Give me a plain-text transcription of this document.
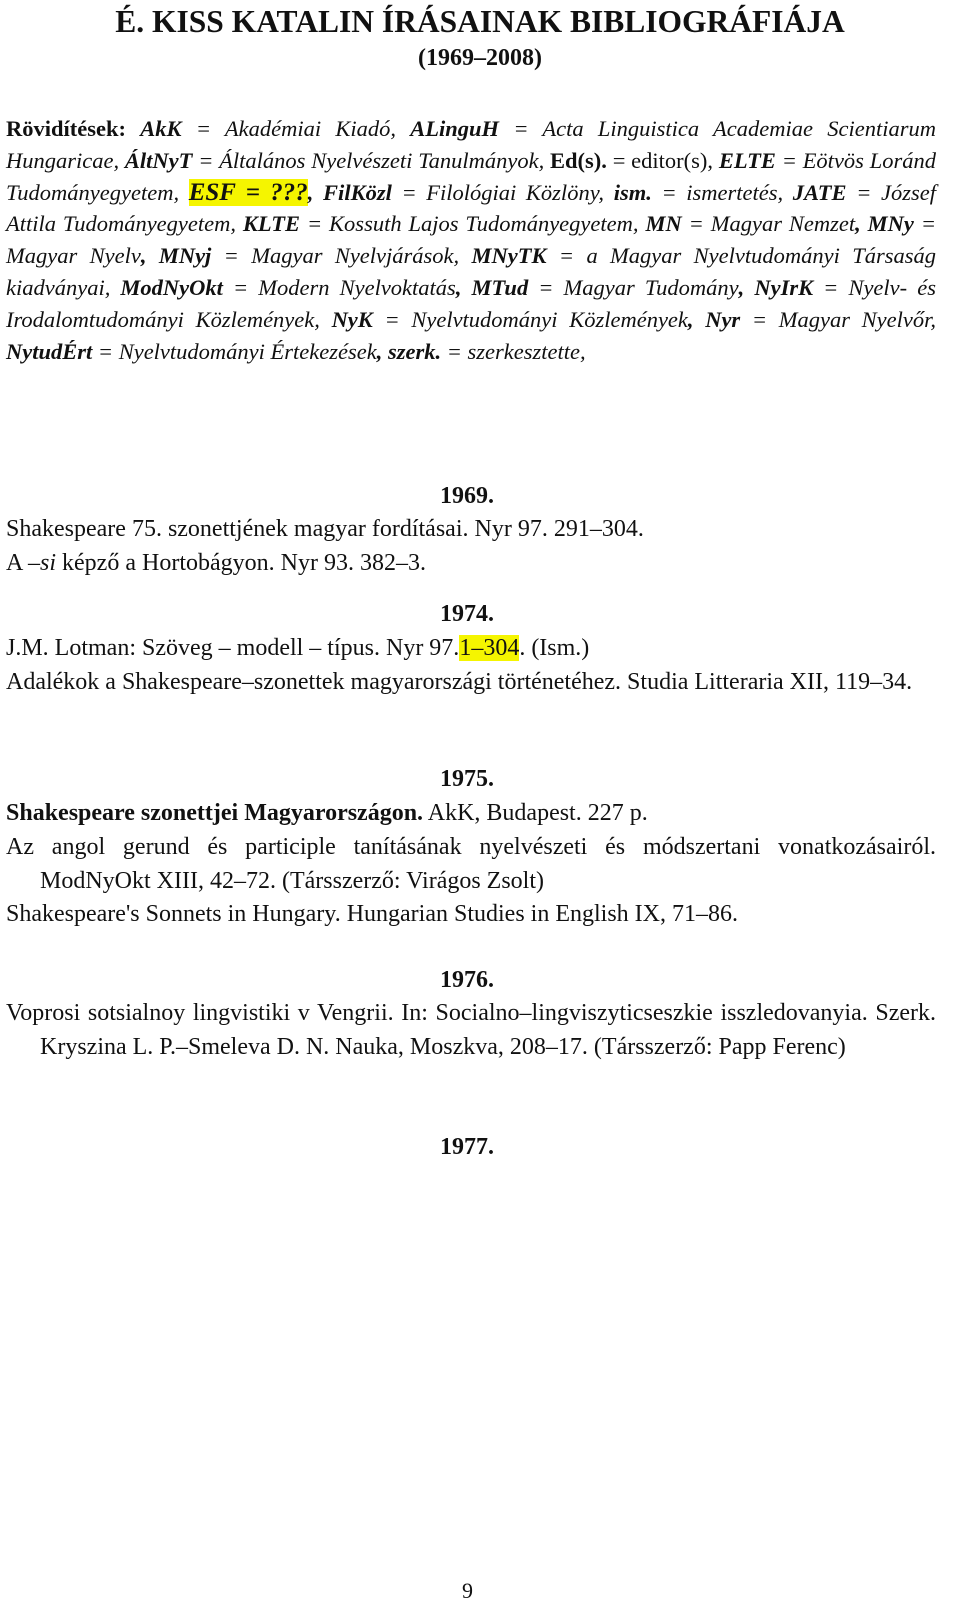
É. KISS KATALIN ÍRÁSAINAK BIBLIOGRÁFIÁJA
(1969–2008)
Rövidítések: AkK = Akadémiai Kiadó, ALinguH = Acta Linguistica Academiae Scientiarum Hungaricae, ÁltNyT = Általános Nyelvészeti Tanulmányok, Ed(s). = editor(s), ELTE = Eötvös Loránd Tudományegyetem, ESF = ???, FilKözl = Filológiai Közlöny, ism. = ismertetés, JATE = József Attila Tudományegyetem, KLTE = Kossuth Lajos Tudományegyetem, MN = Magyar Nemzet, MNy = Magyar Nyelv, MNyj = Magyar Nyelvjárások, MNyTK = a Magyar Nyelvtudományi Társaság kiadványai, ModNyOkt = Modern Nyelvoktatás, MTud = Magyar Tudomány, NyIrK = Nyelv- és Irodalomtudományi Közlemények, NyK = Nyelvtudományi Közlemények, Nyr = Magyar Nyelvőr, NytudÉrt = Nyelvtudományi Értekezések, szerk. = szerkesztette,
1969.
Shakespeare 75. szonettjének magyar fordításai. Nyr 97. 291–304.
A –si képző a Hortobágyon. Nyr 93. 382–3.
1974.
J.M. Lotman: Szöveg – modell – típus. Nyr 97.1–304. (Ism.)
Adalékok a Shakespeare–szonettek magyarországi történetéhez. Studia Litteraria XII, 119–34.
1975.
Shakespeare szonettjei Magyarországon. AkK, Budapest. 227 p.
Az angol gerund és participle tanításának nyelvészeti és módszertani vonatkozásairól. ModNyOkt XIII, 42–72. (Társszerző: Virágos Zsolt)
Shakespeare's Sonnets in Hungary. Hungarian Studies in English IX, 71–86.
1976.
Voprosi sotsialnoy lingvistiki v Vengrii. In: Socialno–lingviszyticseszkie isszledovanyia. Szerk. Kryszina L. P.–Smeleva D. N. Nauka, Moszkva, 208–17. (Társszerző: Papp Ferenc)
1977.
9
